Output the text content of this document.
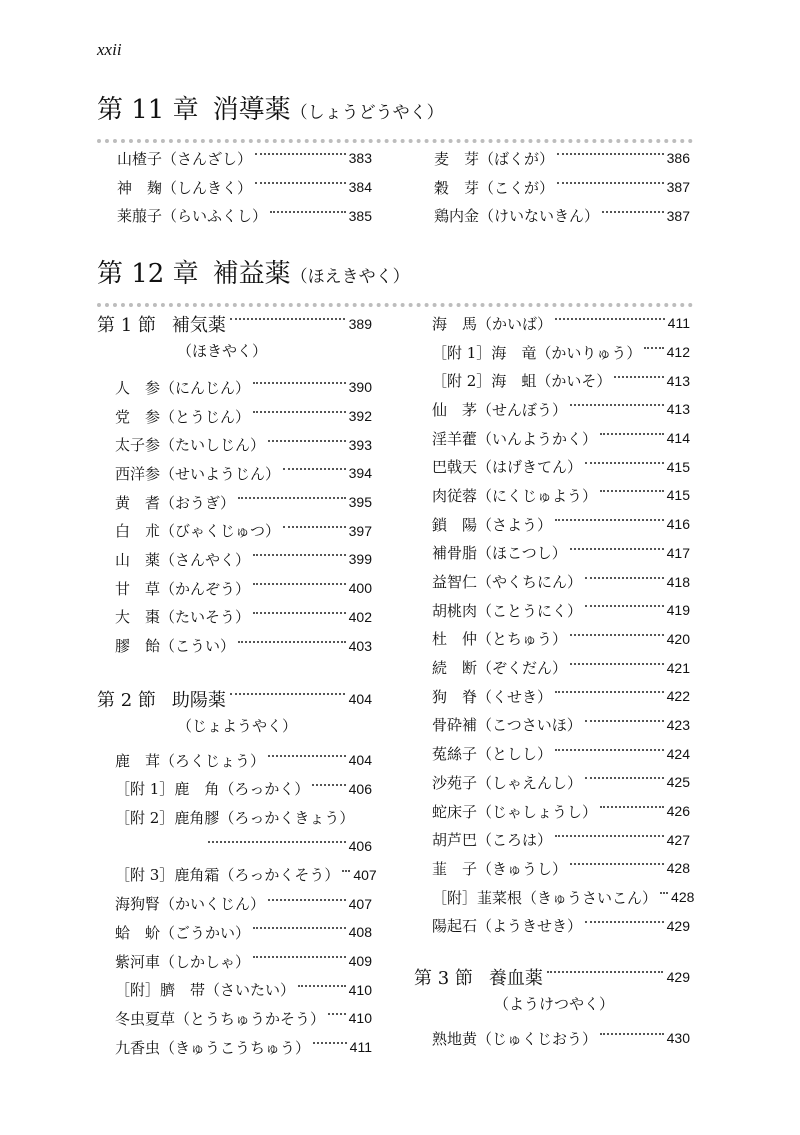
xxii
第 11 章 消導薬（しょうどうやく）
山楂子 （さんざし）	383
神　麹 （しんきく）	384
莱菔子 （らいふくし）	385
麦　芽 （ばくが）	386
穀　芽 （こくが）	387
鶏内金 （けいないきん）	387
第 12 章 補益薬（ほえきやく）
第 1 節 補気薬	389
（ほきやく）
人　参 （にんじん）	390
党　参 （とうじん）	392
太子参 （たいしじん）	393
西洋参 （せいようじん）	394
黄　耆 （おうぎ）	395
白　朮 （びゃくじゅつ）	397
山　薬 （さんやく）	399
甘　草 （かんぞう）	400
大　棗 （たいそう）	402
膠　飴 （こうい）	403
第 2 節 助陽薬	404
（じょようやく）
鹿　茸 （ろくじょう）	404
［附 1］ 鹿　角 （ろっかく）	406
［附 2］ 鹿角膠 （ろっかくきょう）
406
［附 3］ 鹿角霜 （ろっかくそう） 407
海狗腎 （かいくじん）	407
蛤　蚧 （ごうかい）	408
紫河車 （しかしゃ）	409
［附］ 臍　帯 （さいたい）	410
冬虫夏草 （とうちゅうかそう） 410
九香虫 （きゅうこうちゅう）	411
海　馬 （かいば）	411
［附 1］ 海　竜 （かいりゅう） 412
［附 2］ 海　蛆 （かいそ）	413
仙　茅 （せんぼう）	413
淫羊藿 （いんようかく）	414
巴戟天 （はげきてん）	415
肉従蓉 （にくじゅよう）	415
鎖　陽 （さよう）	416
補骨脂 （ほこつし）	417
益智仁 （やくちにん）	418
胡桃肉 （ことうにく）	419
杜　仲 （とちゅう）	420
続　断 （ぞくだん）	421
狗　脊 （くせき）	422
骨砕補 （こつさいほ）	423
菟絲子 （としし）	424
沙苑子 （しゃえんし）	425
蛇床子 （じゃしょうし）	426
胡芦巴 （ころは）	427
韮　子 （きゅうし）	428
［附］ 韮菜根 （きゅうさいこん） 428
陽起石 （ようきせき）	429
第 3 節 養血薬	429
（ようけつやく）
熟地黄 （じゅくじおう）	430
